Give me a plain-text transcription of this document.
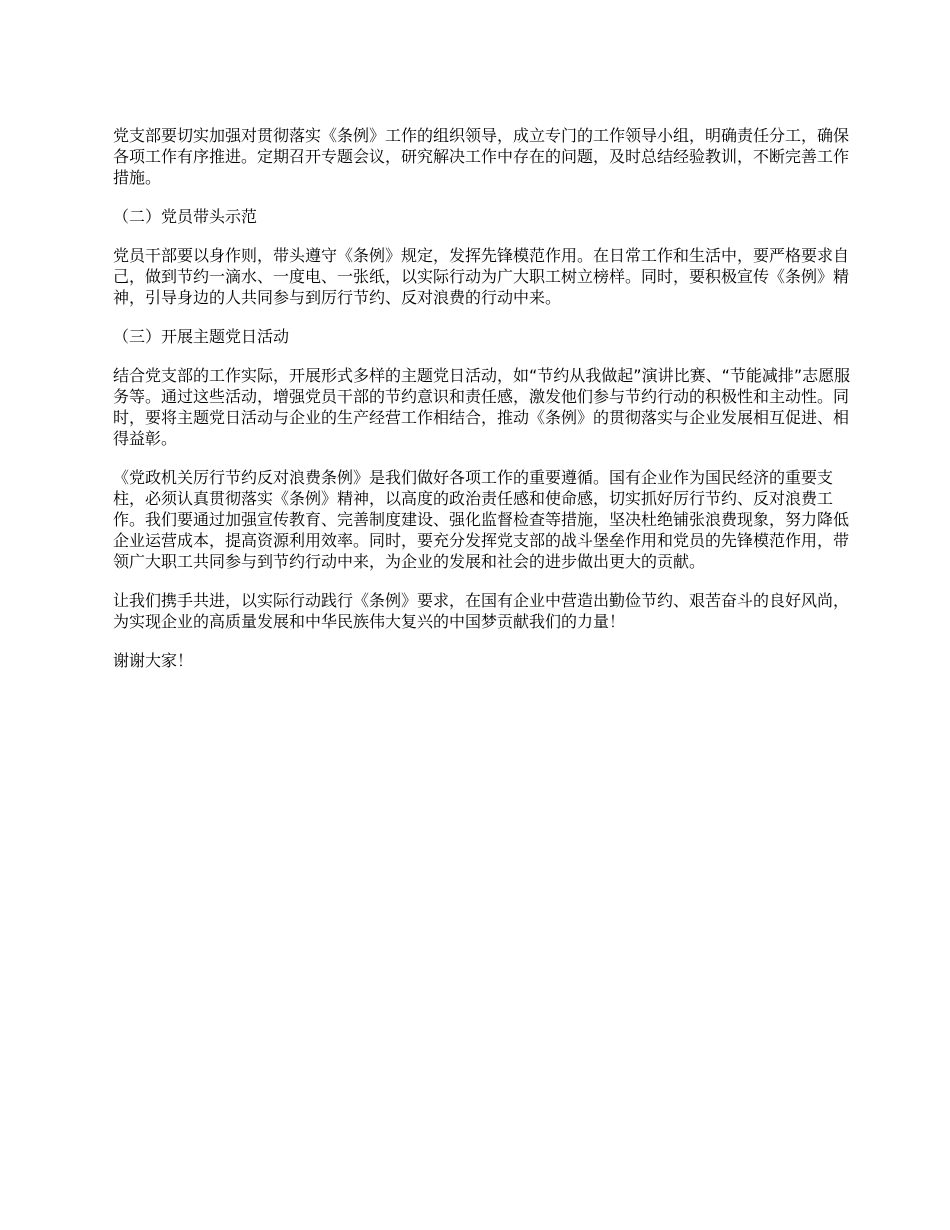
党支部要切实加强对贯彻落实《条例》工作的组织领导，成立专门的工作领导小组，明确责任分工，确保各项工作有序推进。定期召开专题会议，研究解决工作中存在的问题，及时总结经验教训，不断完善工作措施。

（二）党员带头示范

党员干部要以身作则，带头遵守《条例》规定，发挥先锋模范作用。在日常工作和生活中，要严格要求自己，做到节约一滴水、一度电、一张纸，以实际行动为广大职工树立榜样。同时，要积极宣传《条例》精神，引导身边的人共同参与到厉行节约、反对浪费的行动中来。

（三）开展主题党日活动

结合党支部的工作实际，开展形式多样的主题党日活动，如“节约从我做起”演讲比赛、“节能减排”志愿服务等。通过这些活动，增强党员干部的节约意识和责任感，激发他们参与节约行动的积极性和主动性。同时，要将主题党日活动与企业的生产经营工作相结合，推动《条例》的贯彻落实与企业发展相互促进、相得益彰。

《党政机关厉行节约反对浪费条例》是我们做好各项工作的重要遵循。国有企业作为国民经济的重要支柱，必须认真贯彻落实《条例》精神，以高度的政治责任感和使命感，切实抓好厉行节约、反对浪费工作。我们要通过加强宣传教育、完善制度建设、强化监督检查等措施，坚决杜绝铺张浪费现象，努力降低企业运营成本，提高资源利用效率。同时，要充分发挥党支部的战斗堡垒作用和党员的先锋模范作用，带领广大职工共同参与到节约行动中来，为企业的发展和社会的进步做出更大的贡献。

让我们携手共进，以实际行动践行《条例》要求，在国有企业中营造出勤俭节约、艰苦奋斗的良好风尚，为实现企业的高质量发展和中华民族伟大复兴的中国梦贡献我们的力量！

谢谢大家！
